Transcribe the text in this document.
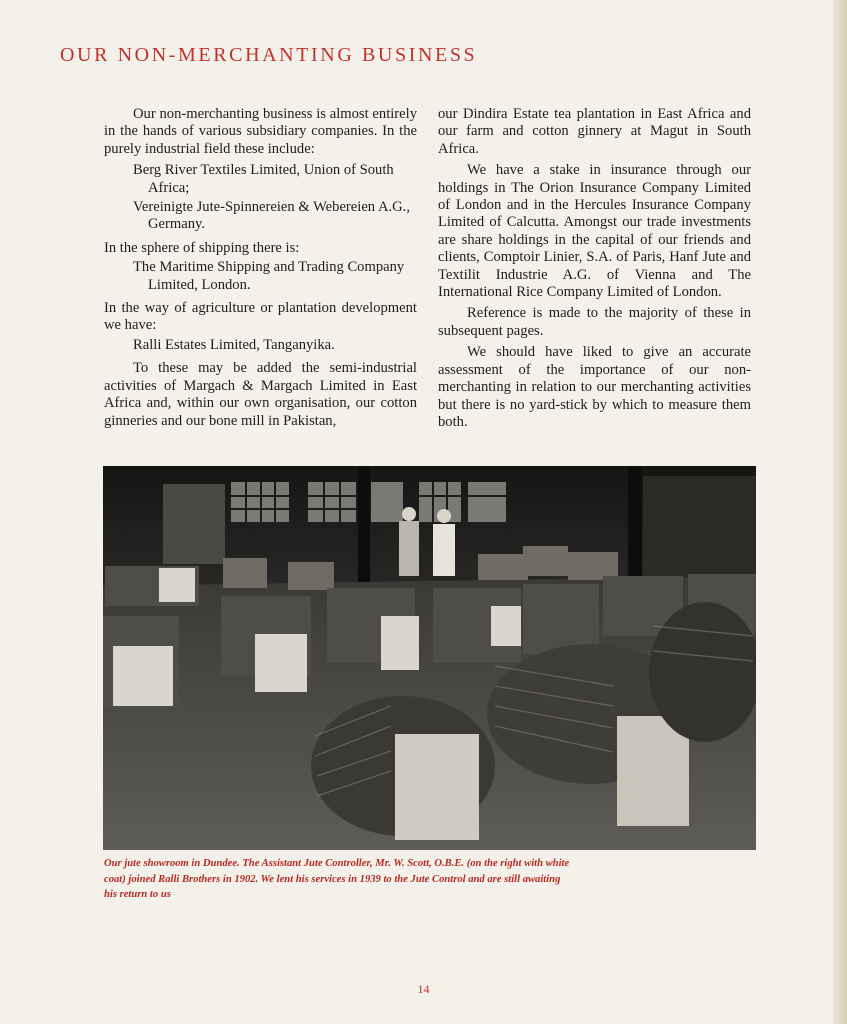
OUR NON-MERCHANTING BUSINESS

Our non-merchanting business is almost entirely in the hands of various subsidiary companies. In the purely industrial field these include:

Berg River Textiles Limited, Union of South Africa;

Vereinigte Jute-Spinnereien & Webereien A.G., Germany.

In the sphere of shipping there is:

The Maritime Shipping and Trading Company Limited, London.

In the way of agriculture or plantation development we have:

Ralli Estates Limited, Tanganyika.

To these may be added the semi-industrial activities of Margach & Margach Limited in East Africa and, within our own organisation, our cotton ginneries and our bone mill in Pakistan,

our Dindira Estate tea plantation in East Africa and our farm and cotton ginnery at Magut in South Africa.

We have a stake in insurance through our holdings in The Orion Insurance Company Limited of London and in the Hercules Insurance Company Limited of Calcutta. Amongst our trade investments are share holdings in the capital of our friends and clients, Comptoir Linier, S.A. of Paris, Hanf Jute and Textilit Industrie A.G. of Vienna and The International Rice Company Limited of London.

Reference is made to the majority of these in subsequent pages.

We should have liked to give an accurate assessment of the importance of our non-merchanting in relation to our merchanting activities but there is no yard-stick by which to measure them both.

Our jute showroom in Dundee. The Assistant Jute Controller, Mr. W. Scott, O.B.E. (on the right with white coat) joined Ralli Brothers in 1902. We lent his services in 1939 to the Jute Control and are still awaiting his return to us
14
